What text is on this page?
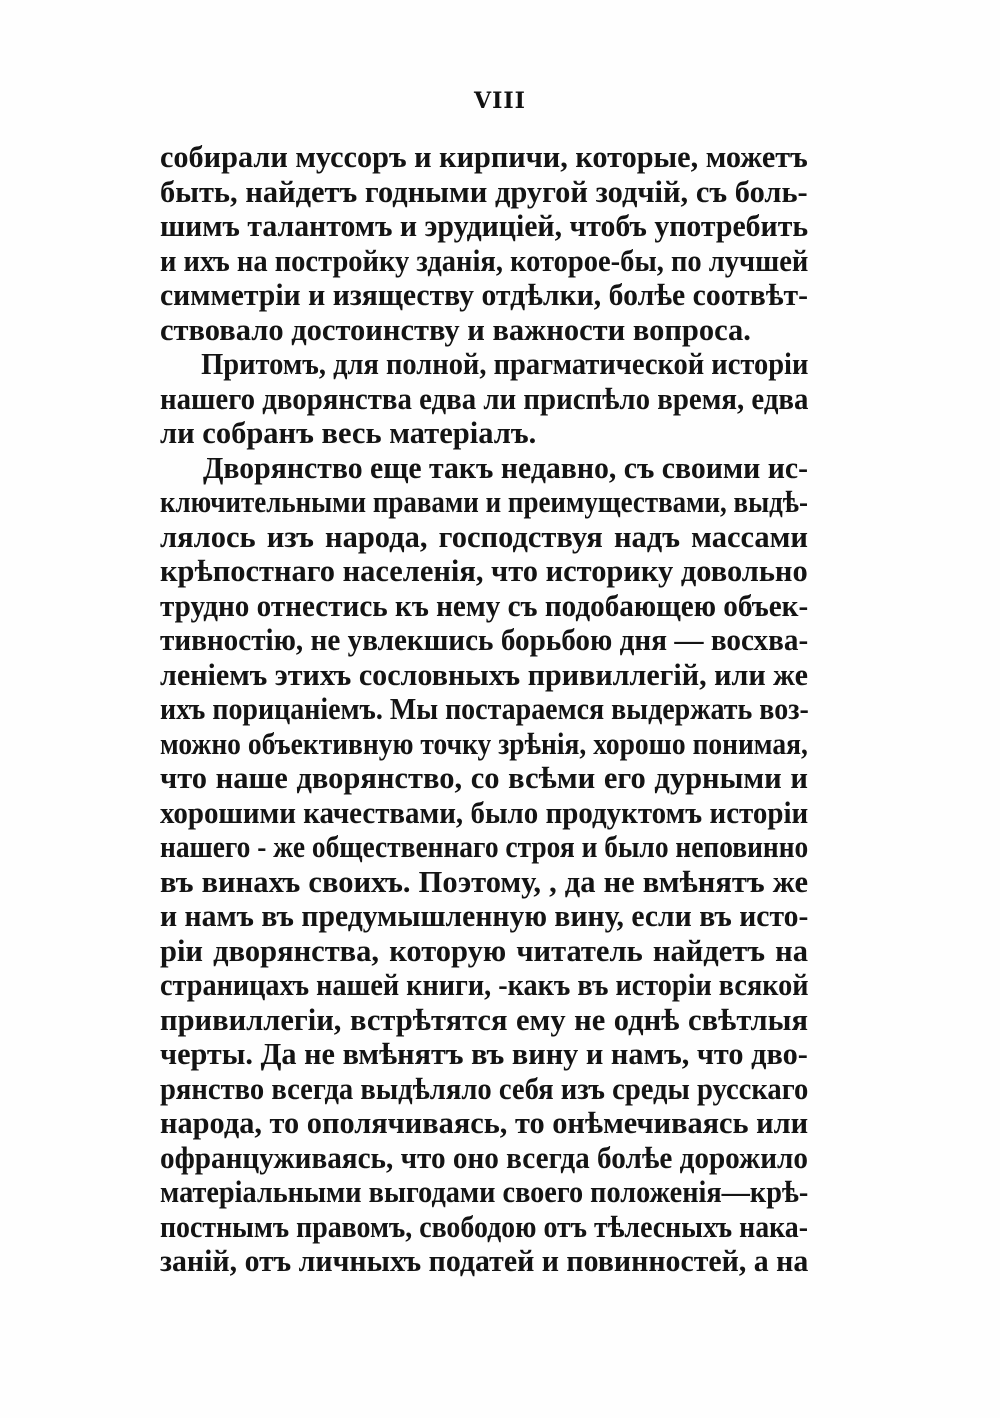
VIII
собирали муссоръ и кирпичи, которые, можетъ
быть, найдетъ годными другой зодчій, съ боль-
шимъ талантомъ и эрудиціей, чтобъ употребить
и ихъ на постройку зданія, которое-бы, по лучшей
симметріи и изяществу отдѣлки, болѣе соотвѣт-
ствовало достоинству и важности вопроса.
Притомъ, для полной, прагматической исторіи
нашего дворянства едва ли приспѣло время, едва
ли собранъ весь матеріалъ.
Дворянство еще такъ недавно, съ своими ис-
ключительными правами и преимуществами, выдѣ-
лялось изъ народа, господствуя надъ массами
крѣпостнаго населенія, что историку довольно
трудно отнестись къ нему съ подобающею объек-
тивностію, не увлекшись борьбою дня — восхва-
леніемъ этихъ сословныхъ привиллегій, или же
ихъ порицаніемъ. Мы постараемся выдержать воз-
можно объективную точку зрѣнія, хорошо понимая,
что наше дворянство, со всѣми его дурными и
хорошими качествами, было продуктомъ исторіи
нашего - же общественнаго строя и было неповинно
въ винахъ своихъ. Поэтому, , да не вмѣнятъ же
и намъ въ предумышленную вину, если въ исто-
ріи дворянства, которую читатель найдетъ на
страницахъ нашей книги, -какъ въ исторіи всякой
привиллегіи, встрѣтятся ему не однѣ свѣтлыя
черты. Да не вмѣнятъ въ вину и намъ, что дво-
рянство всегда выдѣляло себя изъ среды русскаго
народа, то ополячиваясь, то онѣмечиваясь или
офранцуживаясь, что оно всегда болѣе дорожило
матеріальными выгодами своего положенія—крѣ-
постнымъ правомъ, свободою отъ тѣлесныхъ нака-
заній, отъ личныхъ податей и повинностей, а на
